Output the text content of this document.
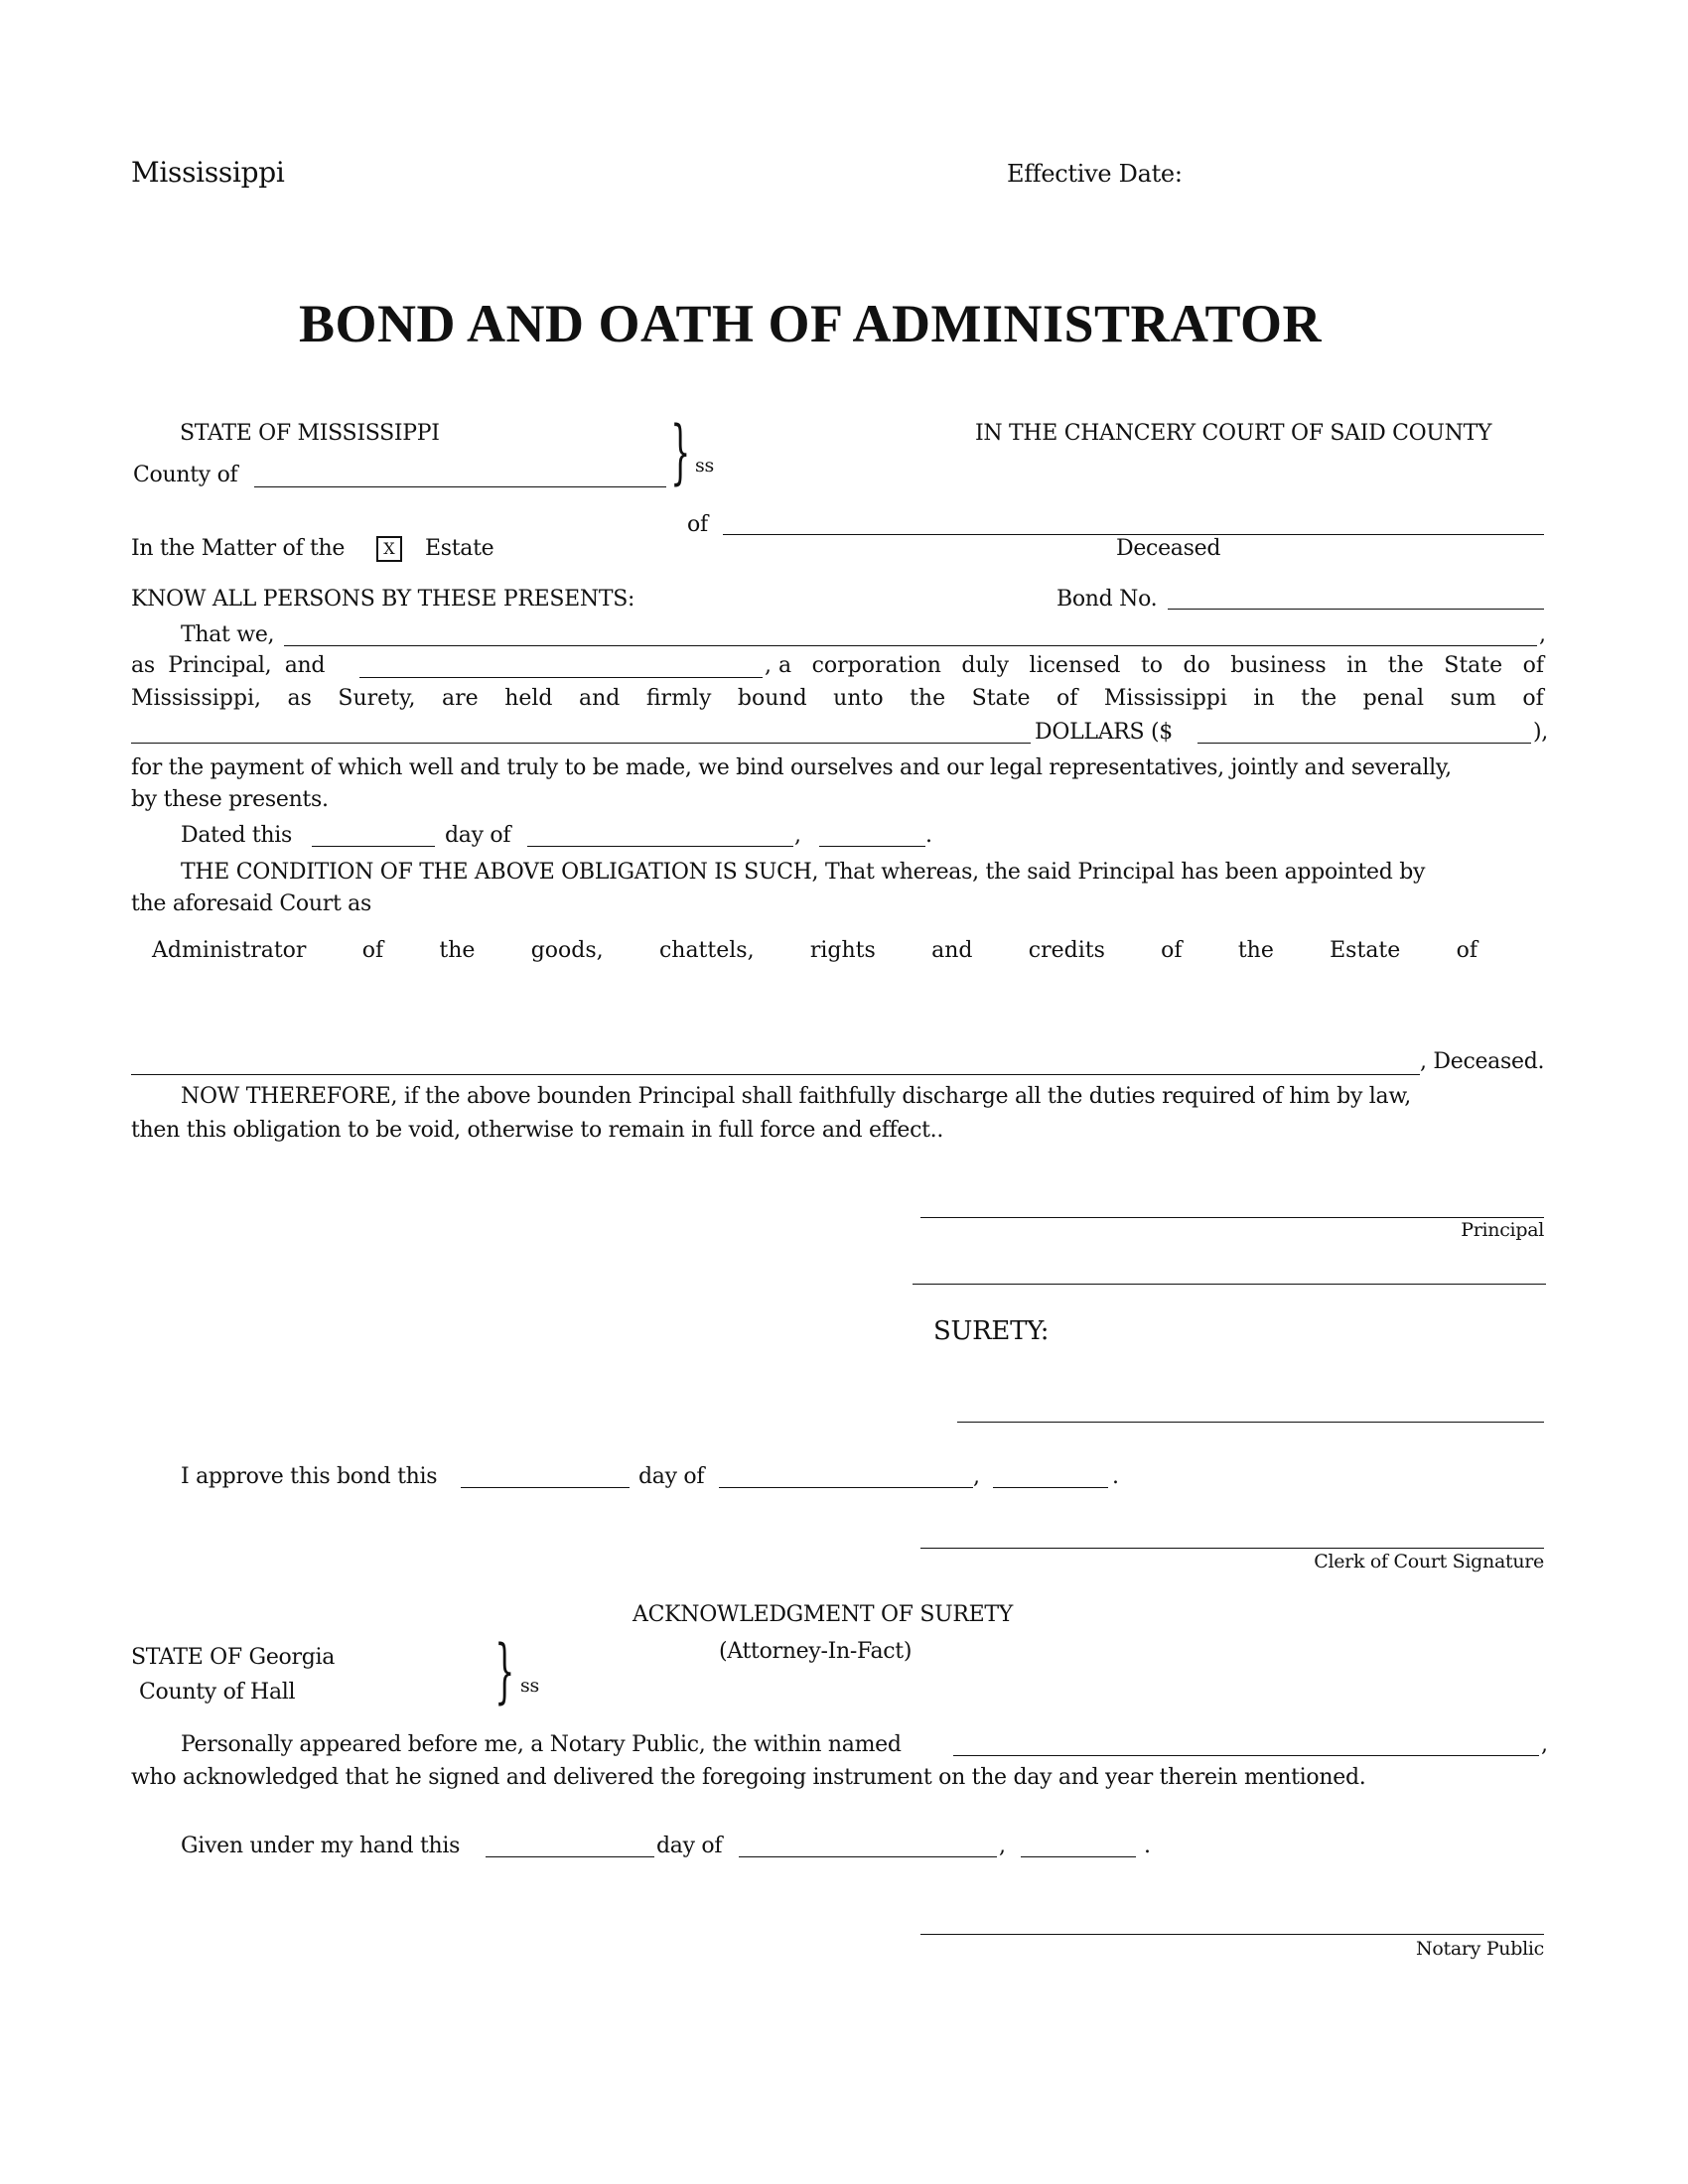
Mississippi	Effective Date:
BOND AND OATH OF ADMINISTRATOR
STATE OF MISSISSIPPI
County of	} ss
IN THE CHANCERY COURT OF SAID COUNTY
of
In the Matter of the	X	Estate	Deceased
KNOW ALL PERSONS BY THESE PRESENTS:	Bond No.
That we,	,
as Principal, and	, a corporation duly licensed to do business in the State of
Mississippi, as Surety, are held and firmly bound unto the State of Mississippi in the penal sum of
DOLLARS ($	),
for the payment of which well and truly to be made, we bind ourselves and our legal representatives, jointly and severally,
by these presents.
Dated this	day of	,	.
THE CONDITION OF THE ABOVE OBLIGATION IS SUCH, That whereas, the said Principal has been appointed by
the aforesaid Court as
Administrator	of	the	goods,	chattels,	rights	and	credits	of	the	Estate	of
, Deceased.
NOW THEREFORE, if the above bounden Principal shall faithfully discharge all the duties required of him by law,
then this obligation to be void, otherwise to remain in full force and effect..
Principal
SURETY:
I approve this bond this	day of	,	.
Clerk of Court Signature
ACKNOWLEDGMENT OF SURETY
(Attorney-In-Fact)
STATE OF Georgia
County of Hall	} ss
Personally appeared before me, a Notary Public, the within named	,
who acknowledged that he signed and delivered the foregoing instrument on the day and year therein mentioned.
Given under my hand this	day of	,	.
Notary Public
